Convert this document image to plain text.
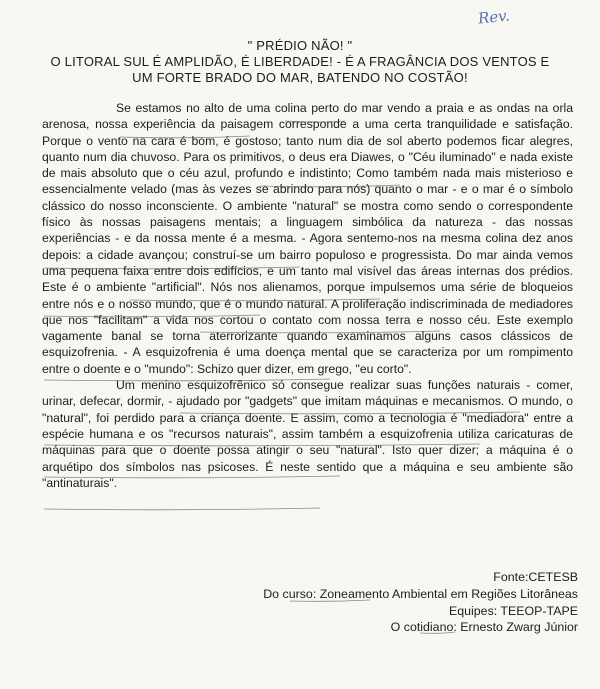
Rev.
" PRÉDIO NÃO! "
O LITORAL SUL É AMPLIDÃO, É LIBERDADE! - É A FRAGÂNCIA DOS VENTOS E
UM FORTE BRADO DO MAR, BATENDO NO COSTÃO!

Se estamos no alto de uma colina perto do mar vendo a praia e as ondas na orla arenosa, nossa experiência da paisagem corresponde a uma certa tranquilidade e satisfação. Porque o vento na cara é bom, é gostoso; tanto num dia de sol aberto podemos ficar alegres, quanto num dia chuvoso. Para os primitivos, o deus era Diawes, o "Céu iluminado" e nada existe de mais absoluto que o céu azul, profundo e indistinto; Como também nada mais misterioso e essencialmente velado (mas às vezes se abrindo para nós) quanto o mar - e o mar é o símbolo clássico do nosso inconsciente. O ambiente "natural" se mostra como sendo o correspondente físico às nossas paisagens mentais; a linguagem simbólica da natureza - das nossas experiências - e da nossa mente é a mesma. - Agora sentemo-nos na mesma colina dez anos depois: a cidade avançou; construí-se um bairro populoso e progressista. Do mar ainda vemos uma pequena faixa entre dois edifícios, e um tanto mal visível das áreas internas dos prédios. Este é o ambiente "artificial". Nós nos alienamos, porque impulsemos uma série de bloqueios entre nós e o nosso mundo, que é o mundo natural. A proliferação indiscriminada de mediadores que nos "facilitam" a vida nos cortou o contato com nossa terra e nosso céu. Este exemplo vagamente banal se torna aterrorizante quando examinamos alguns casos clássicos de esquizofrenia. - A esquizofrenia é uma doença mental que se caracteriza por um rompimento entre o doente e o "mundo": Schizo quer dizer, em grego, "eu corto".

Um menino esquizofrênico só consegue realizar suas funções naturais - comer, urinar, defecar, dormir, - ajudado por "gadgets" que imitam máquinas e mecanismos. O mundo, o "natural", foi perdido para a criança doente. E assim, como a tecnologia é "mediadora" entre a espécie humana e os "recursos naturais", assim também a esquizofrenia utiliza caricaturas de máquinas para que o doente possa atingir o seu "natural". Isto quer dizer; a máquina é o arquétipo dos símbolos nas psicoses. É neste sentido que a máquina e seu ambiente são "antinaturais".

Fonte:CETESB
Do curso: Zoneamento Ambiental em Regiões Litorâneas
Equipes: TEEOP-TAPE
O cotidiano: Ernesto Zwarg Júnior
